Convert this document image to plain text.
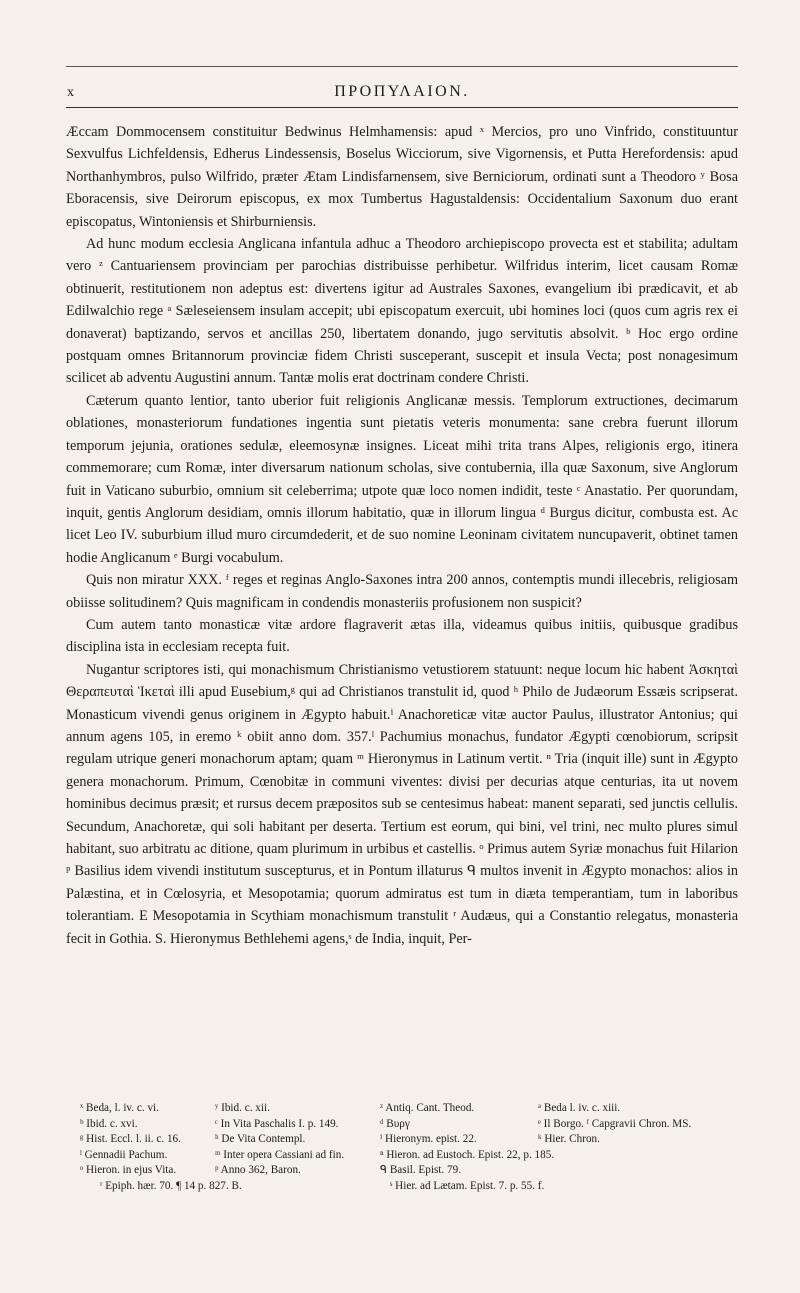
x	ΠΡΟΠΥΛΑΙΟΝ.

Æccam Dommocensem constituitur Bedwinus Helmhamensis: apud ˣ Mercios, pro uno Vinfrido, constituuntur Sexvulfus Lichfeldensis, Edherus Lindessensis, Boselus Wicciorum, sive Vigornensis, et Putta Herefordensis: apud Northanhymbros, pulso Wilfrido, præter Ætam Lindisfarnensem, sive Berniciorum, ordinati sunt a Theodoro ʸ Bosa Eboracensis, sive Deirorum episcopus, ex mox Tumbertus Hagustaldensis: Occidentalium Saxonum duo erant episcopatus, Wintoniensis et Shirburniensis.

Ad hunc modum ecclesia Anglicana infantula adhuc a Theodoro archiepiscopo provecta est et stabilita; adultam vero ᶻ Cantuariensem provinciam per parochias distribuisse perhibetur. Wilfridus interim, licet causam Romæ obtinuerit, restitutionem non adeptus est: divertens igitur ad Australes Saxones, evangelium ibi prædicavit, et ab Edilwalchio rege ᵃ Sæleseiensem insulam accepit; ubi episcopatum exercuit, ubi homines loci (quos cum agris rex ei donaverat) baptizando, servos et ancillas 250, libertatem donando, jugo servitutis absolvit. ᵇ Hoc ergo ordine postquam omnes Britannorum provinciæ fidem Christi susceperant, suscepit et insula Vecta; post nonagesimum scilicet ab adventu Augustini annum. Tantæ molis erat doctrinam condere Christi.

Cæterum quanto lentior, tanto uberior fuit religionis Anglicanæ messis. Templorum extructiones, decimarum oblationes, monasteriorum fundationes ingentia sunt pietatis veteris monumenta: sane crebra fuerunt illorum temporum jejunia, orationes sedulæ, eleemosynæ insignes. Liceat mihi trita trans Alpes, religionis ergo, itinera commemorare; cum Romæ, inter diversarum nationum scholas, sive contubernia, illa quæ Saxonum, sive Anglorum fuit in Vaticano suburbio, omnium sit celeberrima; utpote quæ loco nomen indidit, teste ᶜ Anastatio. Per quorundam, inquit, gentis Anglorum desidiam, omnis illorum habitatio, quæ in illorum lingua ᵈ Burgus dicitur, combusta est. Ac licet Leo IV. suburbium illud muro circumdederit, et de suo nomine Leoninam civitatem nuncupaverit, obtinet tamen hodie Anglicanum ᵉ Burgi vocabulum.

Quis non miratur XXX. ᶠ reges et reginas Anglo-Saxones intra 200 annos, contemptis mundi illecebris, religiosam obiisse solitudinem? Quis magnificam in condendis monasteriis profusionem non suspicit?

Cum autem tanto monasticæ vitæ ardore flagraverit ætas illa, videamus quibus initiis, quibusque gradibus disciplina ista in ecclesiam recepta fuit.

Nugantur scriptores isti, qui monachismum Christianismo vetustiorem statuunt: neque locum hic habent Ἀσκηταὶ Θεραπευταὶ Ἱκεταὶ illi apud Eusebium,ᵍ qui ad Christianos transtulit id, quod ʰ Philo de Judæorum Essæis scripserat. Monasticum vivendi genus originem in Ægypto habuit.ⁱ Anachoreticæ vitæ auctor Paulus, illustrator Antonius; qui annum agens 105, in eremo ᵏ obiit anno dom. 357.ˡ Pachumius monachus, fundator Ægypti cœnobiorum, scripsit regulam utrique generi monachorum aptam; quam ᵐ Hieronymus in Latinum vertit. ⁿ Tria (inquit ille) sunt in Ægypto genera monachorum. Primum, Cœnobitæ in communi viventes: divisi per decurias atque centurias, ita ut novem hominibus decimus præsit; et rursus decem præpositos sub se centesimus habeat: manent separati, sed junctis cellulis. Secundum, Anachoretæ, qui soli habitant per deserta. Tertium est eorum, qui bini, vel trini, nec multo plures simul habitant, suo arbitratu ac ditione, quam plurimum in urbibus et castellis. ᵒ Primus autem Syriæ monachus fuit Hilarion ᵖ Basilius idem vivendi institutum suscepturus, et in Pontum illaturus ᑫ multos invenit in Ægypto monachos: alios in Palæstina, et in Cœlosyria, et Mesopotamia; quorum admiratus est tum in diæta temperantiam, tum in laboribus tolerantiam. E Mesopotamia in Scythiam monachismum transtulit ʳ Audæus, qui a Constantio relegatus, monasteria fecit in Gothia. S. Hieronymus Bethlehemi agens,ˢ de India, inquit, Per-

ˣ Beda, l. iv. c. vi.	ʸ Ibid. c. xii.	ᶻ Antiq. Cant. Theod.	ᵃ Beda l. iv. c. xiii.
ᵇ Ibid. c. xvi.	ᶜ In Vita Paschalis I. p. 149.	ᵈ Βυργ	ᵉ Il Borgo. ᶠ Capgravii Chron. MS.
ᵍ Hist. Eccl. l. ii. c. 16.	ʰ De Vita Contempl.	ⁱ Hieronym. epist. 22.	ᵏ Hier. Chron.
ˡ Gennadii Pachum.	ᵐ Inter opera Cassiani ad fin.	ⁿ Hieron. ad Eustoch. Epist. 22, p. 185.
ᵒ Hieron. in ejus Vita.	ᵖ Anno 362, Baron.	ᑫ Basil. Epist. 79.
ʳ Epiph. hær. 70. ¶ 14 p. 827. B.	ˢ Hier. ad Lætam. Epist. 7. p. 55. f.
